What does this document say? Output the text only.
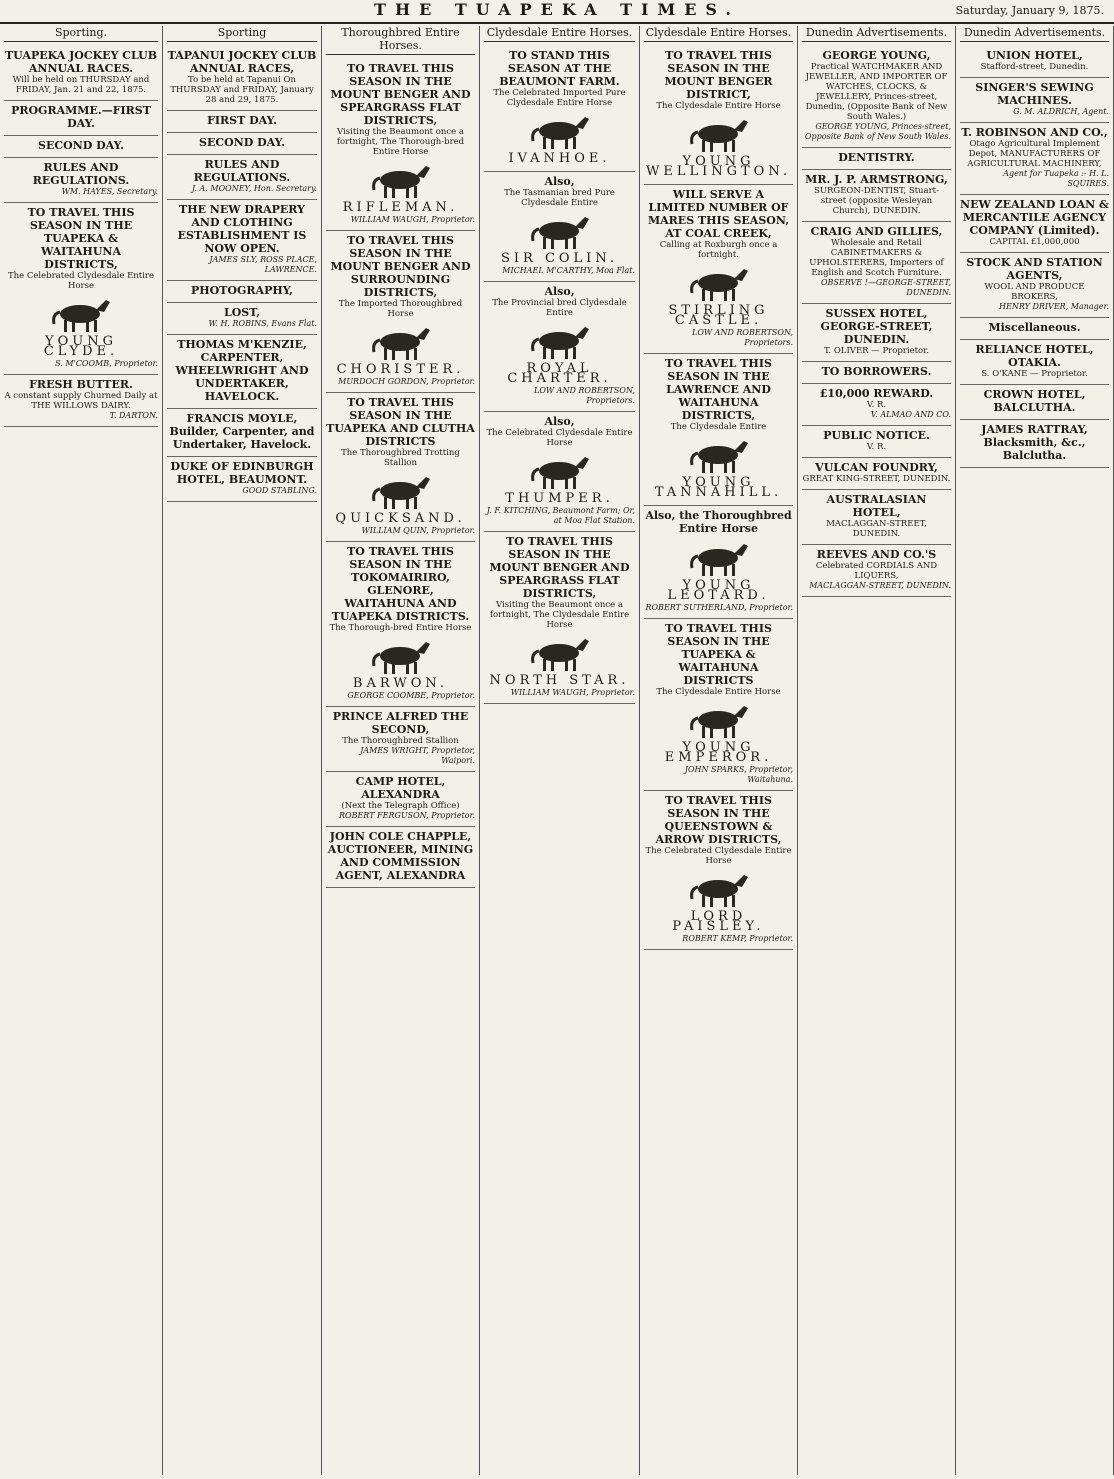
THE TUAPEKA TIMES.	Saturday, January 9, 1875.
Sporting.
TUAPEKA JOCKEY CLUB ANNUAL RACES.
Will be held on THURSDAY and FRIDAY, Jan. 21 and 22, 1875.
PROGRAMME.—FIRST DAY.
SECOND DAY.
RULES AND REGULATIONS.
WM. HAYES, Secretary.
TO TRAVEL THIS SEASON IN THE TUAPEKA & WAITAHUNA DISTRICTS,
The Celebrated Clydesdale Entire Horse
YOUNG CLYDE.
S. M'COOMB, Proprietor.
FRESH BUTTER.
A constant supply Churned Daily at THE WILLOWS DAIRY.
T. DARTON.
Sporting
TAPANUI JOCKEY CLUB ANNUAL RACES,
To be held at Tapanui On THURSDAY and FRIDAY, January 28 and 29, 1875.
FIRST DAY.
SECOND DAY.
RULES AND REGULATIONS.
J. A. MOONEY, Hon. Secretary.
THE NEW DRAPERY AND CLOTHING ESTABLISHMENT IS NOW OPEN.
JAMES SLY, ROSS PLACE, LAWRENCE.
PHOTOGRAPHY,
LOST,
W. H. ROBINS, Evans Flat.
THOMAS M'KENZIE, CARPENTER, WHEELWRIGHT AND UNDERTAKER, HAVELOCK.
FRANCIS MOYLE, Builder, Carpenter, and Undertaker, Havelock.
DUKE OF EDINBURGH HOTEL, BEAUMONT.
GOOD STABLING.
Thoroughbred Entire Horses.
TO TRAVEL THIS SEASON IN THE MOUNT BENGER AND SPEARGRASS FLAT DISTRICTS,
Visiting the Beaumont once a fortnight, The Thorough-bred Entire Horse
RIFLEMAN.
WILLIAM WAUGH, Proprietor.
TO TRAVEL THIS SEASON IN THE MOUNT BENGER AND SURROUNDING DISTRICTS,
The Imported Thoroughbred Horse
CHORISTER.
MURDOCH GORDON, Proprietor.
TO TRAVEL THIS SEASON IN THE TUAPEKA AND CLUTHA DISTRICTS
The Thoroughbred Trotting Stallion
QUICKSAND.
WILLIAM QUIN, Proprietor.
TO TRAVEL THIS SEASON IN THE TOKOMAIRIRO, GLENORE, WAITAHUNA AND TUAPEKA DISTRICTS.
The Thorough-bred Entire Horse
BARWON.
GEORGE COOMBE, Proprietor.
PRINCE ALFRED THE SECOND,
The Thoroughbred Stallion
JAMES WRIGHT, Proprietor, Waipori.
CAMP HOTEL, ALEXANDRA
(Next the Telegraph Office)
ROBERT FERGUSON, Proprietor.
JOHN COLE CHAPPLE, AUCTIONEER, MINING AND COMMISSION AGENT, ALEXANDRA
Clydesdale Entire Horses.
TO STAND THIS SEASON AT THE BEAUMONT FARM.
The Celebrated Imported Pure Clydesdale Entire Horse
IVANHOE.
Also,
The Tasmanian bred Pure Clydesdale Entire
SIR COLIN.
MICHAEL M'CARTHY, Moa Flat.
Also,
The Provincial bred Clydesdale Entire
ROYAL CHARTER.
LOW AND ROBERTSON, Proprietors.
Also,
The Celebrated Clydesdale Entire Horse
THUMPER.
J. F. KITCHING, Beaumont Farm; Or, at Moa Flat Station.
TO TRAVEL THIS SEASON IN THE MOUNT BENGER AND SPEARGRASS FLAT DISTRICTS,
Visiting the Beaumont once a fortnight, The Clydesdale Entire Horse
NORTH STAR.
WILLIAM WAUGH, Proprietor.
Clydesdale Entire Horses.
TO TRAVEL THIS SEASON IN THE MOUNT BENGER DISTRICT,
The Clydesdale Entire Horse
YOUNG WELLINGTON.
WILL SERVE A LIMITED NUMBER OF MARES THIS SEASON, AT COAL CREEK,
Calling at Roxburgh once a fortnight.
STIRLING CASTLE.
LOW AND ROBERTSON, Proprietors.
TO TRAVEL THIS SEASON IN THE LAWRENCE AND WAITAHUNA DISTRICTS,
The Clydesdale Entire
YOUNG TANNAHILL.
Also, the Thoroughbred Entire Horse
YOUNG LEOTARD.
ROBERT SUTHERLAND, Proprietor.
TO TRAVEL THIS SEASON IN THE TUAPEKA & WAITAHUNA DISTRICTS
The Clydesdale Entire Horse
YOUNG EMPEROR.
JOHN SPARKS, Proprietor, Waitahuna.
TO TRAVEL THIS SEASON IN THE QUEENSTOWN & ARROW DISTRICTS,
The Celebrated Clydesdale Entire Horse
LORD PAISLEY.
ROBERT KEMP, Proprietor.
Dunedin Advertisements.
GEORGE YOUNG,
Practical WATCHMAKER AND JEWELLER, AND IMPORTER OF WATCHES, CLOCKS, & JEWELLERY, Princes-street, Dunedin, (Opposite Bank of New South Wales.)
GEORGE YOUNG, Princes-street, Opposite Bank of New South Wales.
DENTISTRY.
MR. J. P. ARMSTRONG,
SURGEON-DENTIST, Stuart-street (opposite Wesleyan Church), DUNEDIN.
CRAIG AND GILLIES,
Wholesale and Retail CABINETMAKERS & UPHOLSTERERS, Importers of English and Scotch Furniture.
OBSERVE !—GEORGE-STREET, DUNEDIN.
SUSSEX HOTEL, GEORGE-STREET, DUNEDIN.
T. OLIVER — Proprietor.
TO BORROWERS.
£10,000 REWARD.
V. R.
V. ALMAO AND CO.
PUBLIC NOTICE.
V. R.
VULCAN FOUNDRY,
GREAT KING-STREET, DUNEDIN.
AUSTRALASIAN HOTEL,
MACLAGGAN-STREET, DUNEDIN.
REEVES AND CO.'S
Celebrated CORDIALS AND LIQUERS,
MACLAGGAN-STREET, DUNEDIN.
Dunedin Advertisements.
UNION HOTEL,
Stafford-street, Dunedin.
SINGER'S SEWING MACHINES.
G. M. ALDRICH, Agent.
T. ROBINSON AND CO.,
Otago Agricultural Implement Depot, MANUFACTURERS OF AGRICULTURAL MACHINERY,
Agent for Tuapeka :- H. L. SQUIRES.
NEW ZEALAND LOAN & MERCANTILE AGENCY COMPANY (Limited).
CAPITAL £1,000,000
STOCK AND STATION AGENTS,
WOOL AND PRODUCE BROKERS,
HENRY DRIVER, Manager.
Miscellaneous.
RELIANCE HOTEL, OTAKIA.
S. O'KANE — Proprietor.
CROWN HOTEL, BALCLUTHA.
JAMES RATTRAY, Blacksmith, &c., Balclutha.
